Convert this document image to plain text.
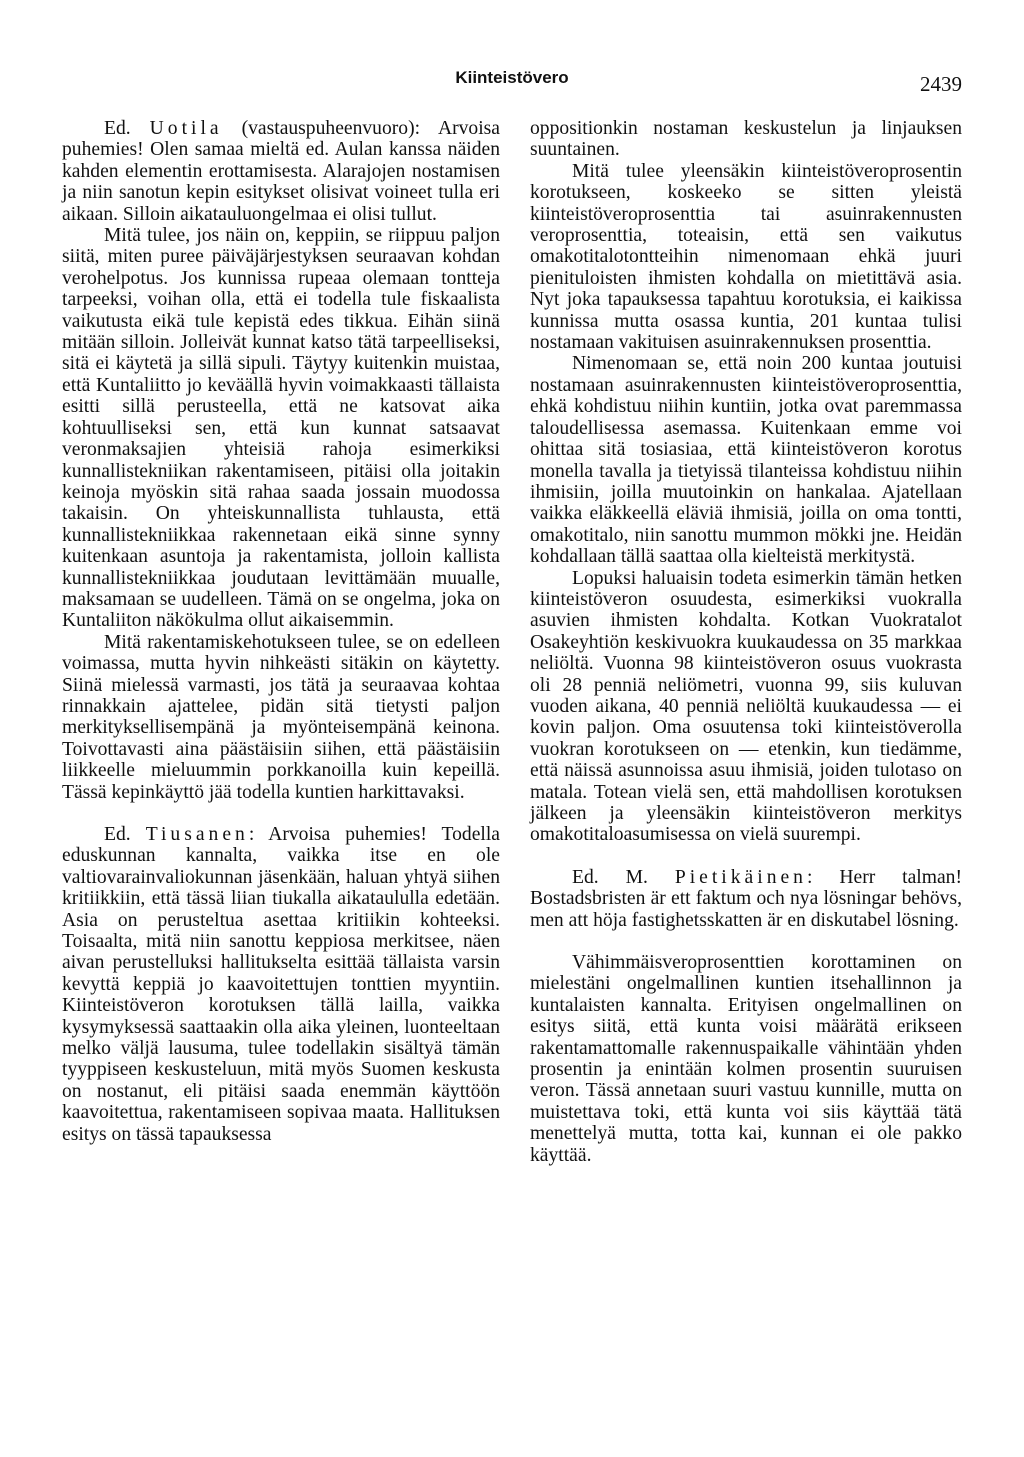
Kiinteistövero	2439

Ed. Uotila (vastauspuheenvuoro): Arvoisa puhemies! Olen samaa mieltä ed. Aulan kanssa näiden kahden elementin erottamisesta. Alarajojen nostamisen ja niin sanotun kepin esitykset olisivat voineet tulla eri aikaan. Silloin aikatauluongelmaa ei olisi tullut.

Mitä tulee, jos näin on, keppiin, se riippuu paljon siitä, miten puree päiväjärjestyksen seuraavan kohdan verohelpotus. Jos kunnissa rupeaa olemaan tontteja tarpeeksi, voihan olla, että ei todella tule fiskaalista vaikutusta eikä tule kepistä edes tikkua. Eihän siinä mitään silloin. Jolleivät kunnat katso tätä tarpeelliseksi, sitä ei käytetä ja sillä sipuli. Täytyy kuitenkin muistaa, että Kuntaliitto jo keväällä hyvin voimakkaasti tällaista esitti sillä perusteella, että ne katsovat aika kohtuulliseksi sen, että kun kunnat satsaavat veronmaksajien yhteisiä rahoja esimerkiksi kunnallistekniikan rakentamiseen, pitäisi olla joitakin keinoja myöskin sitä rahaa saada jossain muodossa takaisin. On yhteiskunnallista tuhlausta, että kunnallistekniikkaa rakennetaan eikä sinne synny kuitenkaan asuntoja ja rakentamista, jolloin kallista kunnallistekniikkaa joudutaan levittämään muualle, maksamaan se uudelleen. Tämä on se ongelma, joka on Kuntaliiton näkökulma ollut aikaisemmin.

Mitä rakentamiskehotukseen tulee, se on edelleen voimassa, mutta hyvin nihkeästi sitäkin on käytetty. Siinä mielessä varmasti, jos tätä ja seuraavaa kohtaa rinnakkain ajattelee, pidän sitä tietysti paljon merkityksellisempänä ja myönteisempänä keinona. Toivottavasti aina päästäisiin siihen, että päästäisiin liikkeelle mieluummin porkkanoilla kuin kepeillä. Tässä kepinkäyttö jää todella kuntien harkittavaksi.

Ed. Tiusanen: Arvoisa puhemies! Todella eduskunnan kannalta, vaikka itse en ole valtiovarainvaliokunnan jäsenkään, haluan yhtyä siihen kritiikkiin, että tässä liian tiukalla aikataululla edetään. Asia on perusteltua asettaa kritiikin kohteeksi. Toisaalta, mitä niin sanottu keppiosa merkitsee, näen aivan perustelluksi hallitukselta esittää tällaista varsin kevyttä keppiä jo kaavoitettujen tonttien myyntiin. Kiinteistöveron korotuksen tällä lailla, vaikka kysymyksessä saattaakin olla aika yleinen, luonteeltaan melko väljä lausuma, tulee todellakin sisältyä tämän tyyppiseen keskusteluun, mitä myös Suomen keskusta on nostanut, eli pitäisi saada enemmän käyttöön kaavoitettua, rakentamiseen sopivaa maata. Hallituksen esitys on tässä tapauksessa

oppositionkin nostaman keskustelun ja linjauksen suuntainen.

Mitä tulee yleensäkin kiinteistöveroprosentin korotukseen, koskeeko se sitten yleistä kiinteistöveroprosenttia tai asuinrakennusten veroprosenttia, toteaisin, että sen vaikutus omakotitalotontteihin nimenomaan ehkä juuri pienituloisten ihmisten kohdalla on mietittävä asia. Nyt joka tapauksessa tapahtuu korotuksia, ei kaikissa kunnissa mutta osassa kuntia, 201 kuntaa tulisi nostamaan vakituisen asuinrakennuksen prosenttia.

Nimenomaan se, että noin 200 kuntaa joutuisi nostamaan asuinrakennusten kiinteistöveroprosenttia, ehkä kohdistuu niihin kuntiin, jotka ovat paremmassa taloudellisessa asemassa. Kuitenkaan emme voi ohittaa sitä tosiasiaa, että kiinteistöveron korotus monella tavalla ja tietyissä tilanteissa kohdistuu niihin ihmisiin, joilla muutoinkin on hankalaa. Ajatellaan vaikka eläkkeellä eläviä ihmisiä, joilla on oma tontti, omakotitalo, niin sanottu mummon mökki jne. Heidän kohdallaan tällä saattaa olla kielteistä merkitystä.

Lopuksi haluaisin todeta esimerkin tämän hetken kiinteistöveron osuudesta, esimerkiksi vuokralla asuvien ihmisten kohdalta. Kotkan Vuokratalot Osakeyhtiön keskivuokra kuukaudessa on 35 markkaa neliöltä. Vuonna 98 kiinteistöveron osuus vuokrasta oli 28 penniä neliömetri, vuonna 99, siis kuluvan vuoden aikana, 40 penniä neliöltä kuukaudessa — ei kovin paljon. Oma osuutensa toki kiinteistöverolla vuokran korotukseen on — etenkin, kun tiedämme, että näissä asunnoissa asuu ihmisiä, joiden tulotaso on matala. Totean vielä sen, että mahdollisen korotuksen jälkeen ja yleensäkin kiinteistöveron merkitys omakotitaloasumisessa on vielä suurempi.

Ed. M. Pietikäinen: Herr talman! Bostadsbristen är ett faktum och nya lösningar behövs, men att höja fastighetsskatten är en diskutabel lösning.

Vähimmäisveroprosenttien korottaminen on mielestäni ongelmallinen kuntien itsehallinnon ja kuntalaisten kannalta. Erityisen ongelmallinen on esitys siitä, että kunta voisi määrätä erikseen rakentamattomalle rakennuspaikalle vähintään yhden prosentin ja enintään kolmen prosentin suuruisen veron. Tässä annetaan suuri vastuu kunnille, mutta on muistettava toki, että kunta voi siis käyttää tätä menettelyä mutta, totta kai, kunnan ei ole pakko käyttää.
